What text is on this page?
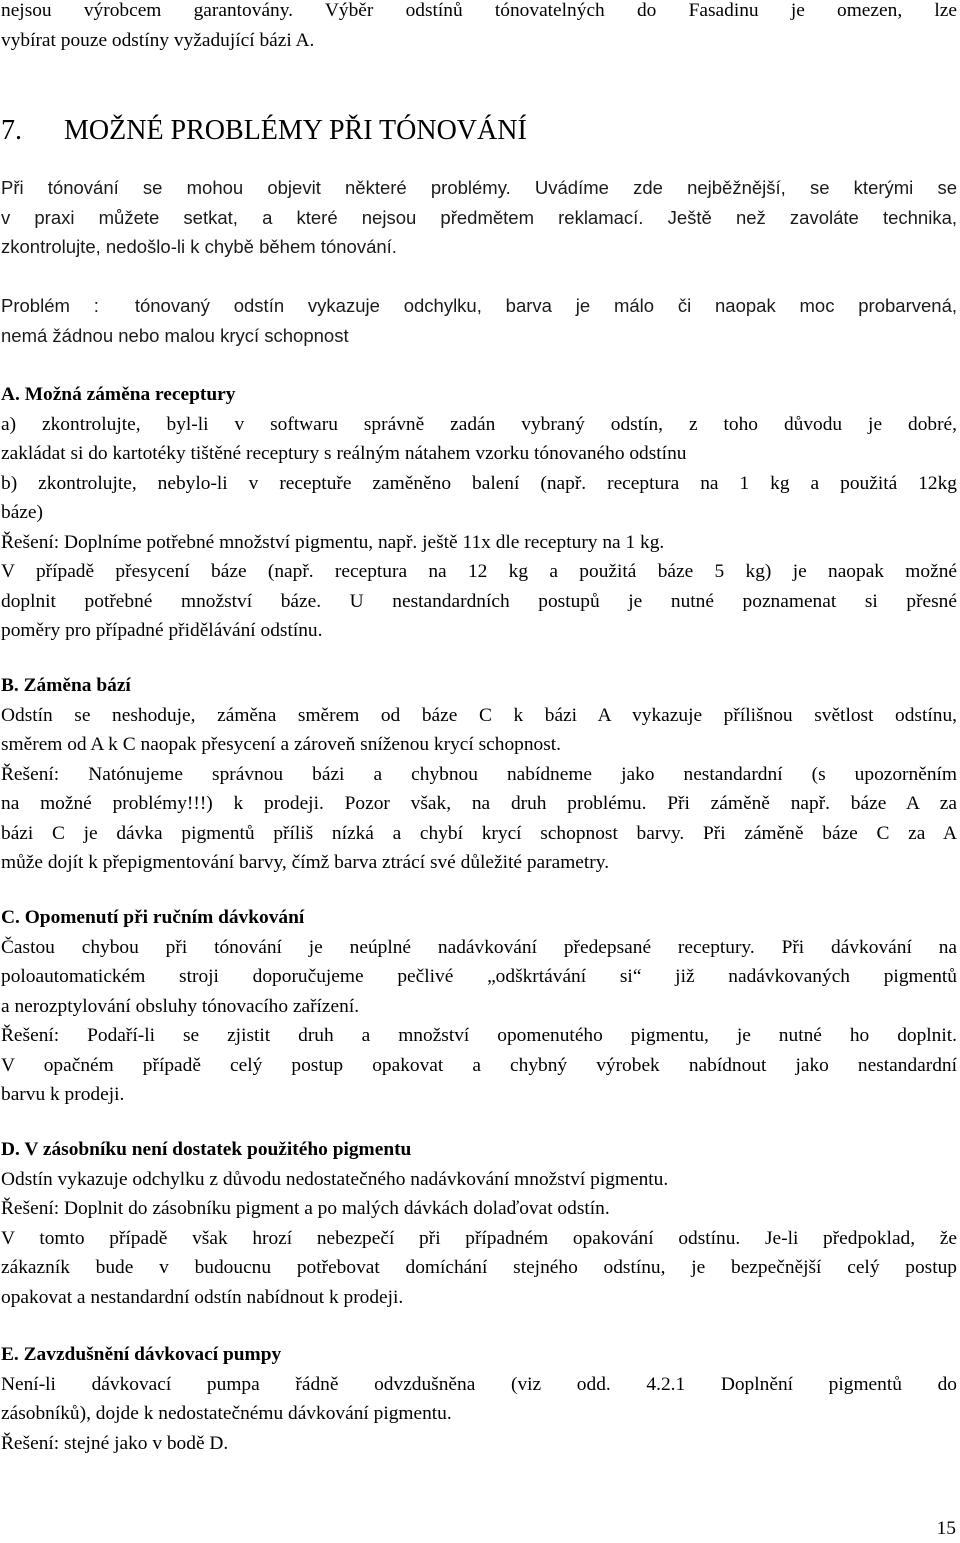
nejsou výrobcem garantovány. Výběr odstínů tónovatelných do Fasadinu je omezen, lze
vybírat pouze odstíny vyžadující bázi A.
7. MOŽNÉ PROBLÉMY PŘI TÓNOVÁNÍ
Při tónování se mohou objevit některé problémy. Uvádíme zde nejběžnější, se kterými se
v praxi můžete setkat, a které nejsou předmětem reklamací. Ještě než zavoláte technika,
zkontrolujte, nedošlo-li k chybě během tónování.
Problém : tónovaný odstín vykazuje odchylku, barva je málo či naopak moc probarvená,
nemá žádnou nebo malou krycí schopnost
A. Možná záměna receptury
a) zkontrolujte, byl-li v softwaru správně zadán vybraný odstín, z toho důvodu je dobré,
zakládat si do kartotéky tištěné receptury s reálným nátahem vzorku tónovaného odstínu
b) zkontrolujte, nebylo-li v receptuře zaměněno balení (např. receptura na 1 kg a použitá 12kg
báze)
Řešení: Doplníme potřebné množství pigmentu, např. ještě 11x dle receptury na 1 kg.
V případě přesycení báze (např. receptura na 12 kg a použitá báze 5 kg) je naopak možné
doplnit potřebné množství báze. U nestandardních postupů je nutné poznamenat si přesné
poměry pro případné přidělávání odstínu.
B. Záměna bází
Odstín se neshoduje, záměna směrem od báze C k bázi A vykazuje přílišnou světlost odstínu,
směrem od A k C naopak přesycení a zároveň sníženou krycí schopnost.
Řešení: Natónujeme správnou bázi a chybnou nabídneme jako nestandardní (s upozorněním
na možné problémy!!!) k prodeji. Pozor však, na druh problému. Při záměně např. báze A za
bázi C je dávka pigmentů příliš nízká a chybí krycí schopnost barvy. Při záměně báze C za A
může dojít k přepigmentování barvy, čímž barva ztrácí své důležité parametry.
C. Opomenutí při ručním dávkování
Častou chybou při tónování je neúplné nadávkování předepsané receptury. Při dávkování na
poloautomatickém stroji doporučujeme pečlivé „odškrtávání si“ již nadávkovaných pigmentů
a nerozptylování obsluhy tónovacího zařízení.
Řešení: Podaří-li se zjistit druh a množství opomenutého pigmentu, je nutné ho doplnit.
V opačném případě celý postup opakovat a chybný výrobek nabídnout jako nestandardní
barvu k prodeji.
D. V zásobníku není dostatek použitého pigmentu
Odstín vykazuje odchylku z důvodu nedostatečného nadávkování množství pigmentu.
Řešení: Doplnit do zásobníku pigment a po malých dávkách dolaďovat odstín.
V tomto případě však hrozí nebezpečí při případném opakování odstínu. Je-li předpoklad, že
zákazník bude v budoucnu potřebovat domíchání stejného odstínu, je bezpečnější celý postup
opakovat a nestandardní odstín nabídnout k prodeji.
E. Zavzdušnění dávkovací pumpy
Není-li dávkovací pumpa řádně odvzdušněna (viz odd. 4.2.1 Doplnění pigmentů do
zásobníků), dojde k nedostatečnému dávkování pigmentu.
Řešení: stejné jako v bodě D.
15
